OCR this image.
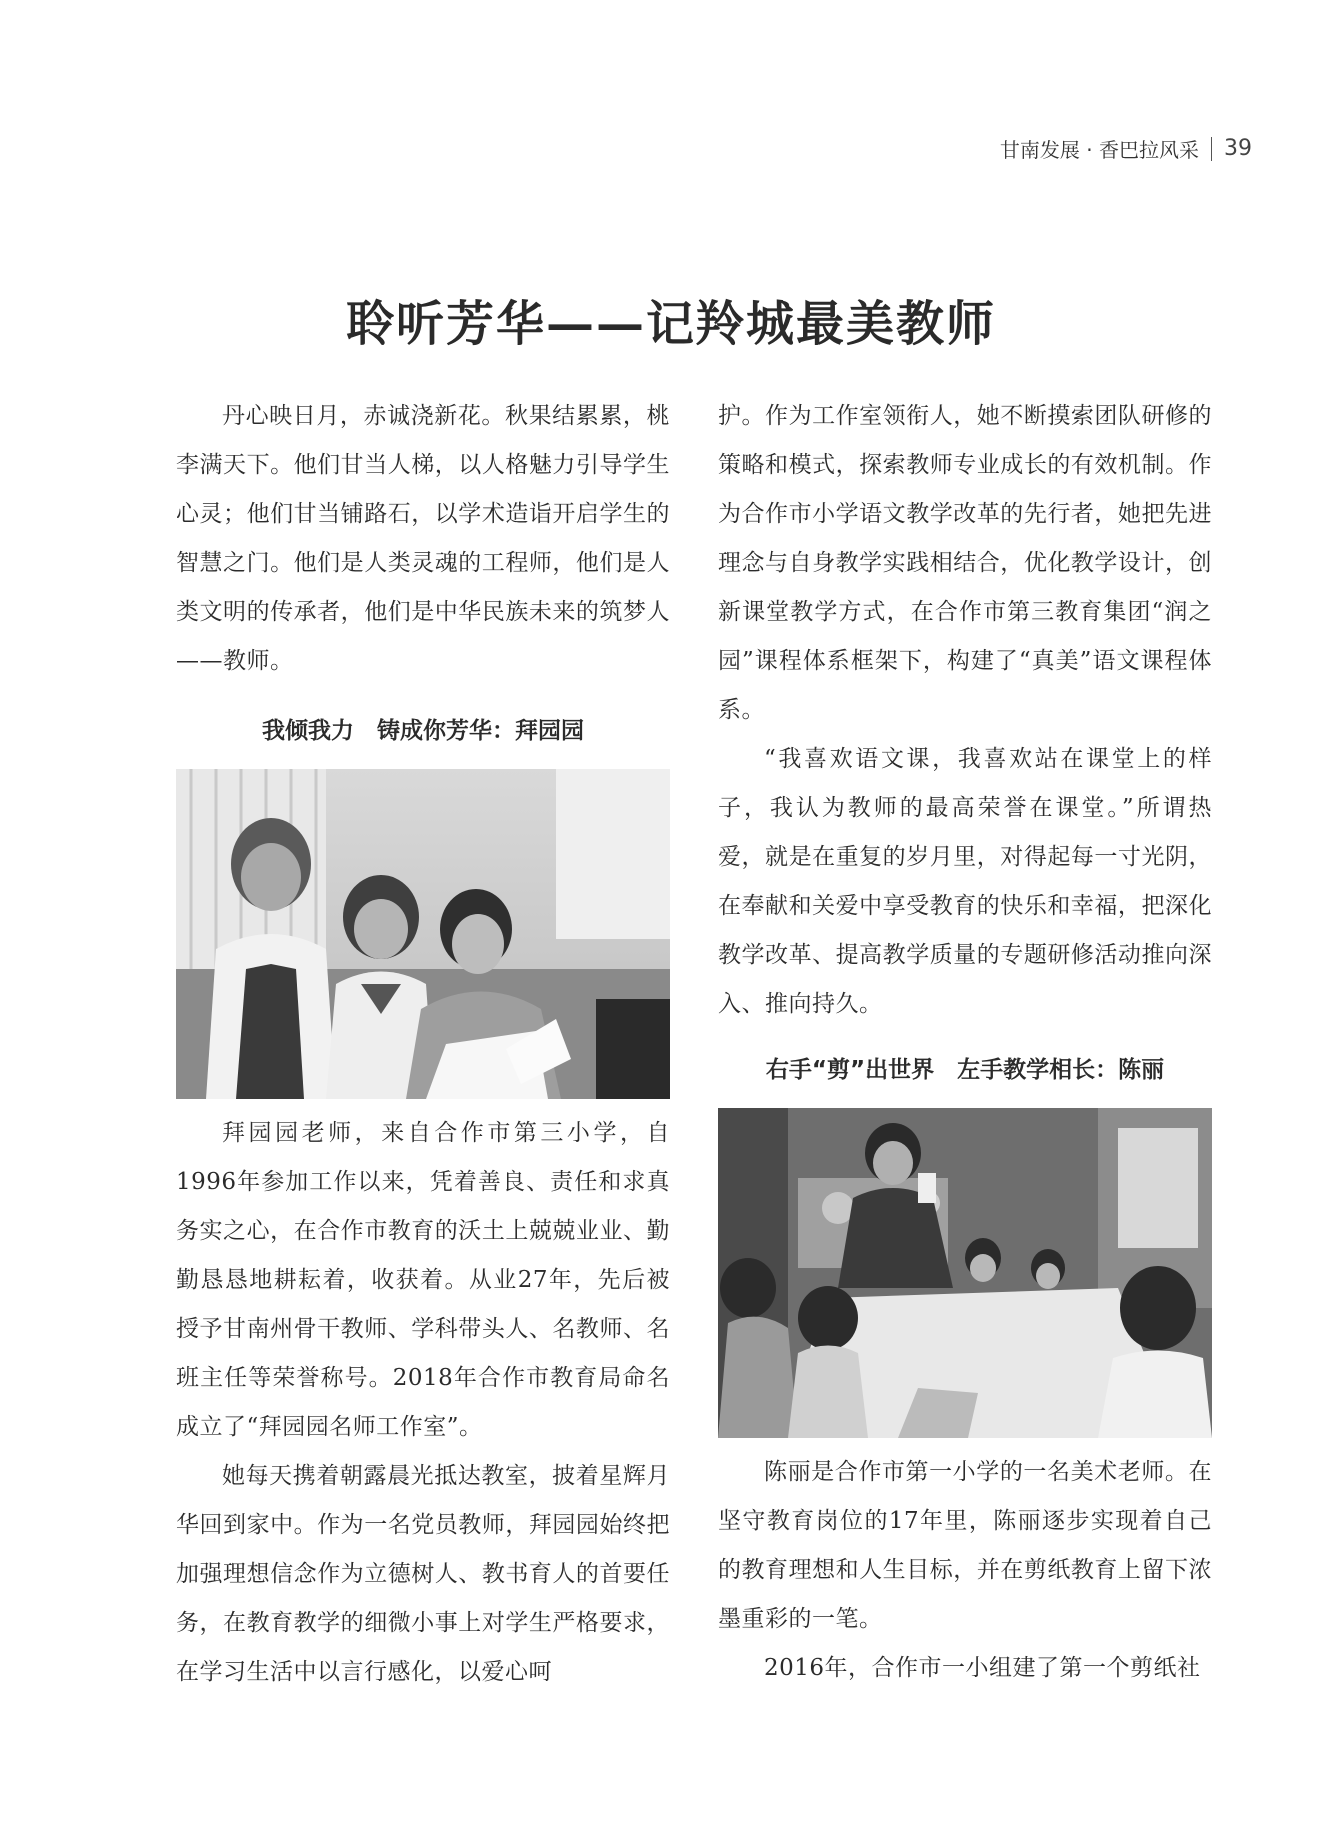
甘南发展 · 香巴拉风采 39
聆听芳华——记羚城最美教师

丹心映日月，赤诚浇新花。秋果结累累，桃李满天下。他们甘当人梯，以人格魅力引导学生心灵；他们甘当铺路石，以学术造诣开启学生的智慧之门。他们是人类灵魂的工程师，他们是人类文明的传承者，他们是中华民族未来的筑梦人——教师。

我倾我力　铸成你芳华：拜园园

拜园园老师，来自合作市第三小学，自1996年参加工作以来，凭着善良、责任和求真务实之心，在合作市教育的沃土上兢兢业业、勤勤恳恳地耕耘着，收获着。从业27年，先后被授予甘南州骨干教师、学科带头人、名教师、名班主任等荣誉称号。2018年合作市教育局命名成立了“拜园园名师工作室”。

她每天携着朝露晨光抵达教室，披着星辉月华回到家中。作为一名党员教师，拜园园始终把加强理想信念作为立德树人、教书育人的首要任务，在教育教学的细微小事上对学生严格要求，在学习生活中以言行感化，以爱心呵

护。作为工作室领衔人，她不断摸索团队研修的策略和模式，探索教师专业成长的有效机制。作为合作市小学语文教学改革的先行者，她把先进理念与自身教学实践相结合，优化教学设计，创新课堂教学方式，在合作市第三教育集团“润之园”课程体系框架下，构建了“真美”语文课程体系。

“我喜欢语文课，我喜欢站在课堂上的样子，我认为教师的最高荣誉在课堂。”所谓热爱，就是在重复的岁月里，对得起每一寸光阴，在奉献和关爱中享受教育的快乐和幸福，把深化教学改革、提高教学质量的专题研修活动推向深入、推向持久。

右手“剪”出世界　左手教学相长：陈丽

陈丽是合作市第一小学的一名美术老师。在坚守教育岗位的17年里，陈丽逐步实现着自己的教育理想和人生目标，并在剪纸教育上留下浓墨重彩的一笔。

2016年，合作市一小组建了第一个剪纸社
